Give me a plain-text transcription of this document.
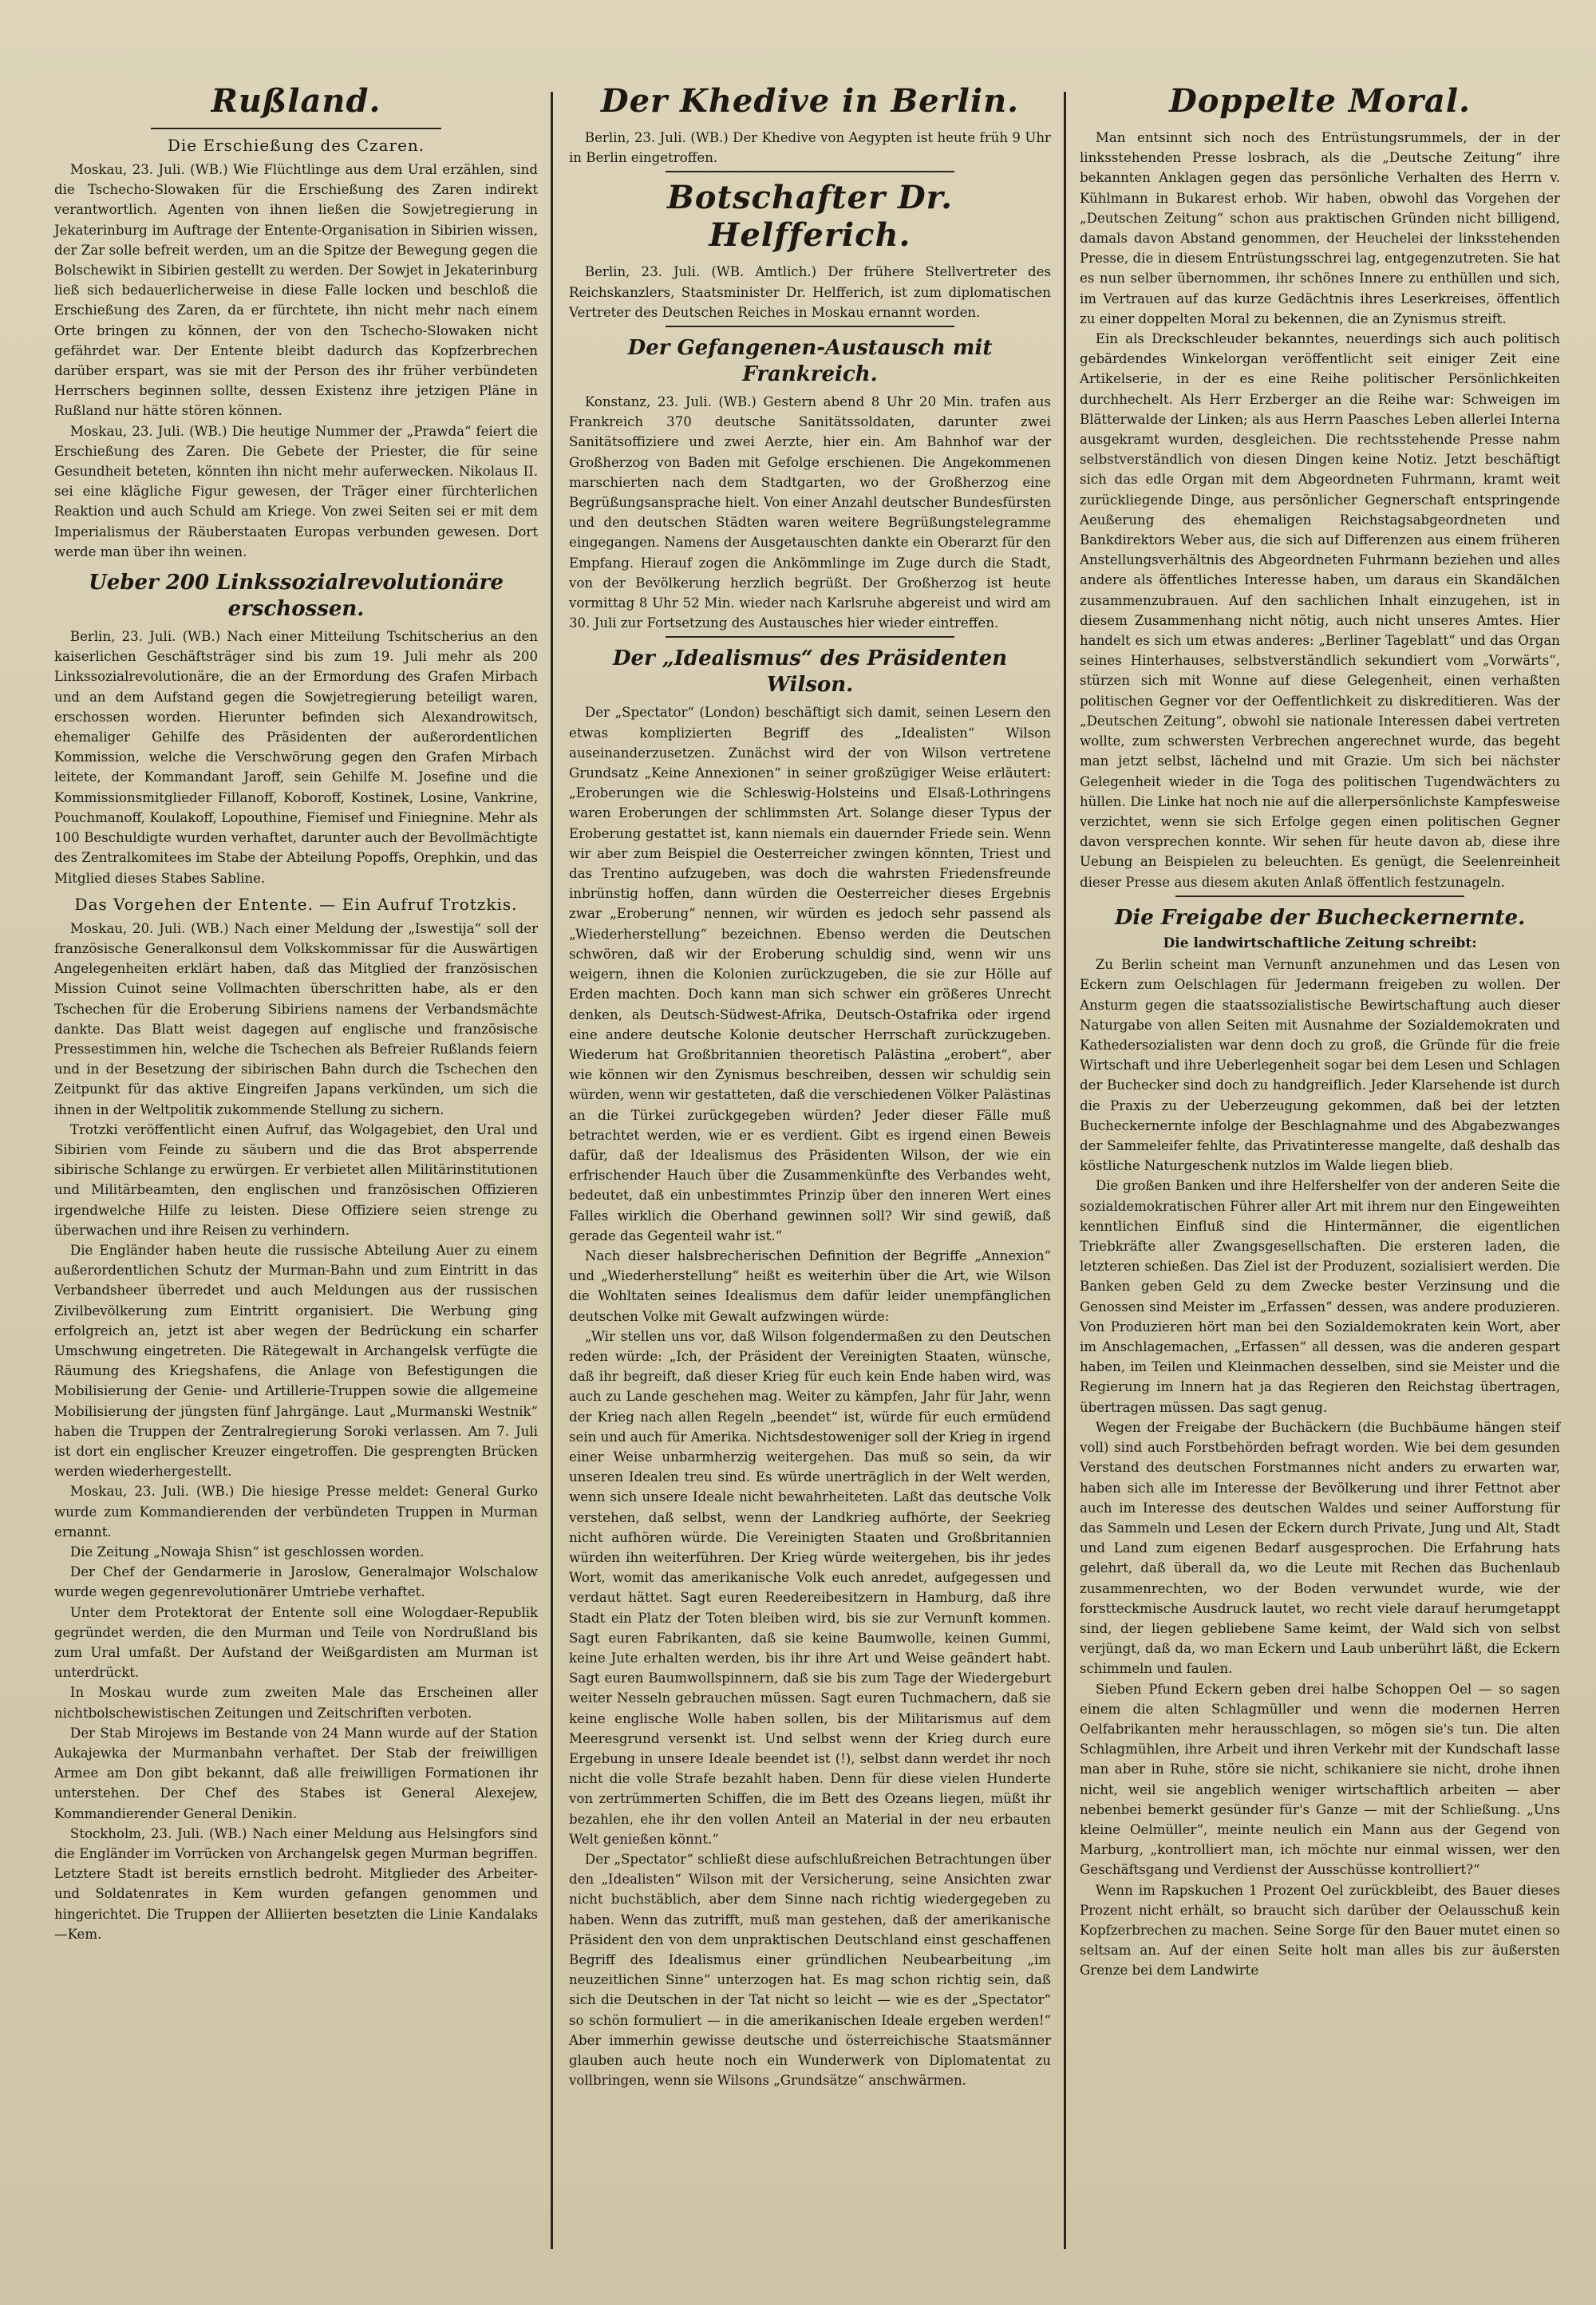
Rußland.
Die Erschießung des Czaren.

Moskau, 23. Juli. (WB.) Wie Flüchtlinge aus dem Ural erzählen, sind die Tschecho-Slowaken für die Erschießung des Zaren indirekt verantwortlich. Agenten von ihnen ließen die Sowjetregierung in Jekaterinburg im Auftrage der Entente-Organisation in Sibirien wissen, der Zar solle befreit werden, um an die Spitze der Bewegung gegen die Bolschewikt in Sibirien gestellt zu werden. Der Sowjet in Jekaterinburg ließ sich bedauerlicherweise in diese Falle locken und beschloß die Erschießung des Zaren, da er fürchtete, ihn nicht mehr nach einem Orte bringen zu können, der von den Tschecho-Slowaken nicht gefährdet war. Der Entente bleibt dadurch das Kopfzerbrechen darüber erspart, was sie mit der Person des ihr früher verbündeten Herrschers beginnen sollte, dessen Existenz ihre jetzigen Pläne in Rußland nur hätte stören können.

Moskau, 23. Juli. (WB.) Die heutige Nummer der „Prawda“ feiert die Erschießung des Zaren. Die Gebete der Priester, die für seine Gesundheit beteten, könnten ihn nicht mehr auferwecken. Nikolaus II. sei eine klägliche Figur gewesen, der Träger einer fürchterlichen Reaktion und auch Schuld am Kriege. Von zwei Seiten sei er mit dem Imperialismus der Räuberstaaten Europas verbunden gewesen. Dort werde man über ihn weinen.

Ueber 200 Linkssozialrevolutionäre erschossen.

Berlin, 23. Juli. (WB.) Nach einer Mitteilung Tschitscherius an den kaiserlichen Geschäftsträger sind bis zum 19. Juli mehr als 200 Linkssozialrevolutionäre, die an der Ermordung des Grafen Mirbach und an dem Aufstand gegen die Sowjetregierung beteiligt waren, erschossen worden. Hierunter befinden sich Alexandrowitsch, ehemaliger Gehilfe des Präsidenten der außerordentlichen Kommission, welche die Verschwörung gegen den Grafen Mirbach leitete, der Kommandant Jaroff, sein Gehilfe M. Josefine und die Kommissionsmitglieder Fillanoff, Koboroff, Kostinek, Losine, Vankrine, Pouchmanoff, Koulakoff, Lopouthine, Fiemisef und Finiegnine. Mehr als 100 Beschuldigte wurden verhaftet, darunter auch der Bevollmächtigte des Zentralkomitees im Stabe der Abteilung Popoffs, Orephkin, und das Mitglied dieses Stabes Sabline.

Das Vorgehen der Entente. — Ein Aufruf Trotzkis.

Moskau, 20. Juli. (WB.) Nach einer Meldung der „Iswestija“ soll der französische Generalkonsul dem Volkskommissar für die Auswärtigen Angelegenheiten erklärt haben, daß das Mitglied der französischen Mission Cuinot seine Vollmachten überschritten habe, als er den Tschechen für die Eroberung Sibiriens namens der Verbandsmächte dankte. Das Blatt weist dagegen auf englische und französische Pressestimmen hin, welche die Tschechen als Befreier Rußlands feiern und in der Besetzung der sibirischen Bahn durch die Tschechen den Zeitpunkt für das aktive Eingreifen Japans verkünden, um sich die ihnen in der Weltpolitik zukommende Stellung zu sichern.

Trotzki veröffentlicht einen Aufruf, das Wolgagebiet, den Ural und Sibirien vom Feinde zu säubern und die das Brot absperrende sibirische Schlange zu erwürgen. Er verbietet allen Militärinstitutionen und Militärbeamten, den englischen und französischen Offizieren irgendwelche Hilfe zu leisten. Diese Offiziere seien strenge zu überwachen und ihre Reisen zu verhindern.

Die Engländer haben heute die russische Abteilung Auer zu einem außerordentlichen Schutz der Murman-Bahn und zum Eintritt in das Verbandsheer überredet und auch Meldungen aus der russischen Zivilbevölkerung zum Eintritt organisiert. Die Werbung ging erfolgreich an, jetzt ist aber wegen der Bedrückung ein scharfer Umschwung eingetreten. Die Rätegewalt in Archangelsk verfügte die Räumung des Kriegshafens, die Anlage von Befestigungen die Mobilisierung der Genie- und Artillerie-Truppen sowie die allgemeine Mobilisierung der jüngsten fünf Jahrgänge. Laut „Murmanski Westnik“ haben die Truppen der Zentralregierung Soroki verlassen. Am 7. Juli ist dort ein englischer Kreuzer eingetroffen. Die gesprengten Brücken werden wiederhergestellt.

Moskau, 23. Juli. (WB.) Die hiesige Presse meldet: General Gurko wurde zum Kommandierenden der verbündeten Truppen in Murman ernannt.

Die Zeitung „Nowaja Shisn“ ist geschlossen worden.

Der Chef der Gendarmerie in Jaroslow, Generalmajor Wolschalow wurde wegen gegenrevolutionärer Umtriebe verhaftet.

Unter dem Protektorat der Entente soll eine Wologdaer-Republik gegründet werden, die den Murman und Teile von Nordrußland bis zum Ural umfaßt. Der Aufstand der Weißgardisten am Murman ist unterdrückt.

In Moskau wurde zum zweiten Male das Erscheinen aller nichtbolschewistischen Zeitungen und Zeitschriften verboten.

Der Stab Mirojews im Bestande von 24 Mann wurde auf der Station Aukajewka der Murmanbahn verhaftet. Der Stab der freiwilligen Armee am Don gibt bekannt, daß alle freiwilligen Formationen ihr unterstehen. Der Chef des Stabes ist General Alexejew, Kommandierender General Denikin.

Stockholm, 23. Juli. (WB.) Nach einer Meldung aus Helsingfors sind die Engländer im Vorrücken von Archangelsk gegen Murman begriffen. Letztere Stadt ist bereits ernstlich bedroht. Mitglieder des Arbeiter- und Soldatenrates in Kem wurden gefangen genommen und hingerichtet. Die Truppen der Alliierten besetzten die Linie Kandalaks—Kem.

Der Khedive in Berlin.

Berlin, 23. Juli. (WB.) Der Khedive von Aegypten ist heute früh 9 Uhr in Berlin eingetroffen.

Botschafter Dr. Helfferich.

Berlin, 23. Juli. (WB. Amtlich.) Der frühere Stellvertreter des Reichskanzlers, Staatsminister Dr. Helfferich, ist zum diplomatischen Vertreter des Deutschen Reiches in Moskau ernannt worden.

Der Gefangenen-Austausch mit Frankreich.

Konstanz, 23. Juli. (WB.) Gestern abend 8 Uhr 20 Min. trafen aus Frankreich 370 deutsche Sanitätssoldaten, darunter zwei Sanitätsoffiziere und zwei Aerzte, hier ein. Am Bahnhof war der Großherzog von Baden mit Gefolge erschienen. Die Angekommenen marschierten nach dem Stadtgarten, wo der Großherzog eine Begrüßungsansprache hielt. Von einer Anzahl deutscher Bundesfürsten und den deutschen Städten waren weitere Begrüßungstelegramme eingegangen. Namens der Ausgetauschten dankte ein Oberarzt für den Empfang. Hierauf zogen die Ankömmlinge im Zuge durch die Stadt, von der Bevölkerung herzlich begrüßt. Der Großherzog ist heute vormittag 8 Uhr 52 Min. wieder nach Karlsruhe abgereist und wird am 30. Juli zur Fortsetzung des Austausches hier wieder eintreffen.

Der „Idealismus“ des Präsidenten Wilson.

Der „Spectator“ (London) beschäftigt sich damit, seinen Lesern den etwas komplizierten Begriff des „Idealisten“ Wilson auseinanderzusetzen. Zunächst wird der von Wilson vertretene Grundsatz „Keine Annexionen“ in seiner großzügiger Weise erläutert: „Eroberungen wie die Schleswig-Holsteins und Elsaß-Lothringens waren Eroberungen der schlimmsten Art. Solange dieser Typus der Eroberung gestattet ist, kann niemals ein dauernder Friede sein. Wenn wir aber zum Beispiel die Oesterreicher zwingen könnten, Triest und das Trentino aufzugeben, was doch die wahrsten Friedensfreunde inbrünstig hoffen, dann würden die Oesterreicher dieses Ergebnis zwar „Eroberung“ nennen, wir würden es jedoch sehr passend als „Wiederherstellung“ bezeichnen. Ebenso werden die Deutschen schwören, daß wir der Eroberung schuldig sind, wenn wir uns weigern, ihnen die Kolonien zurückzugeben, die sie zur Hölle auf Erden machten. Doch kann man sich schwer ein größeres Unrecht denken, als Deutsch-Südwest-Afrika, Deutsch-Ostafrika oder irgend eine andere deutsche Kolonie deutscher Herrschaft zurückzugeben. Wiederum hat Großbritannien theoretisch Palästina „erobert“, aber wie können wir den Zynismus beschreiben, dessen wir schuldig sein würden, wenn wir gestatteten, daß die verschiedenen Völker Palästinas an die Türkei zurückgegeben würden? Jeder dieser Fälle muß betrachtet werden, wie er es verdient. Gibt es irgend einen Beweis dafür, daß der Idealismus des Präsidenten Wilson, der wie ein erfrischender Hauch über die Zusammenkünfte des Verbandes weht, bedeutet, daß ein unbestimmtes Prinzip über den inneren Wert eines Falles wirklich die Oberhand gewinnen soll? Wir sind gewiß, daß gerade das Gegenteil wahr ist.“

Nach dieser halsbrecherischen Definition der Begriffe „Annexion“ und „Wiederherstellung“ heißt es weiterhin über die Art, wie Wilson die Wohltaten seines Idealismus dem dafür leider unempfänglichen deutschen Volke mit Gewalt aufzwingen würde:

„Wir stellen uns vor, daß Wilson folgendermaßen zu den Deutschen reden würde: „Ich, der Präsident der Vereinigten Staaten, wünsche, daß ihr begreift, daß dieser Krieg für euch kein Ende haben wird, was auch zu Lande geschehen mag. Weiter zu kämpfen, Jahr für Jahr, wenn der Krieg nach allen Regeln „beendet“ ist, würde für euch ermüdend sein und auch für Amerika. Nichtsdestoweniger soll der Krieg in irgend einer Weise unbarmherzig weitergehen. Das muß so sein, da wir unseren Idealen treu sind. Es würde unerträglich in der Welt werden, wenn sich unsere Ideale nicht bewahrheiteten. Laßt das deutsche Volk verstehen, daß selbst, wenn der Landkrieg aufhörte, der Seekrieg nicht aufhören würde. Die Vereinigten Staaten und Großbritannien würden ihn weiterführen. Der Krieg würde weitergehen, bis ihr jedes Wort, womit das amerikanische Volk euch anredet, aufgegessen und verdaut hättet. Sagt euren Reedereibesitzern in Hamburg, daß ihre Stadt ein Platz der Toten bleiben wird, bis sie zur Vernunft kommen. Sagt euren Fabrikanten, daß sie keine Baumwolle, keinen Gummi, keine Jute erhalten werden, bis ihr ihre Art und Weise geändert habt. Sagt euren Baumwollspinnern, daß sie bis zum Tage der Wiedergeburt weiter Nesseln gebrauchen müssen. Sagt euren Tuchmachern, daß sie keine englische Wolle haben sollen, bis der Militarismus auf dem Meeresgrund versenkt ist. Und selbst wenn der Krieg durch eure Ergebung in unsere Ideale beendet ist (!), selbst dann werdet ihr noch nicht die volle Strafe bezahlt haben. Denn für diese vielen Hunderte von zertrümmerten Schiffen, die im Bett des Ozeans liegen, müßt ihr bezahlen, ehe ihr den vollen Anteil an Material in der neu erbauten Welt genießen könnt.“

Der „Spectator“ schließt diese aufschlußreichen Betrachtungen über den „Idealisten“ Wilson mit der Versicherung, seine Ansichten zwar nicht buchstäblich, aber dem Sinne nach richtig wiedergegeben zu haben. Wenn das zutrifft, muß man gestehen, daß der amerikanische Präsident den von dem unpraktischen Deutschland einst geschaffenen Begriff des Idealismus einer gründlichen Neubearbeitung „im neuzeitlichen Sinne“ unterzogen hat. Es mag schon richtig sein, daß sich die Deutschen in der Tat nicht so leicht — wie es der „Spectator“ so schön formuliert — in die amerikanischen Ideale ergeben werden!“ Aber immerhin gewisse deutsche und österreichische Staatsmänner glauben auch heute noch ein Wunderwerk von Diplomatentat zu vollbringen, wenn sie Wilsons „Grundsätze“ anschwärmen.

Doppelte Moral.

Man entsinnt sich noch des Entrüstungsrummels, der in der linksstehenden Presse losbrach, als die „Deutsche Zeitung“ ihre bekannten Anklagen gegen das persönliche Verhalten des Herrn v. Kühlmann in Bukarest erhob. Wir haben, obwohl das Vorgehen der „Deutschen Zeitung“ schon aus praktischen Gründen nicht billigend, damals davon Abstand genommen, der Heuchelei der linksstehenden Presse, die in diesem Entrüstungsschrei lag, entgegenzutreten. Sie hat es nun selber übernommen, ihr schönes Innere zu enthüllen und sich, im Vertrauen auf das kurze Gedächtnis ihres Leserkreises, öffentlich zu einer doppelten Moral zu bekennen, die an Zynismus streift.

Ein als Dreckschleuder bekanntes, neuerdings sich auch politisch gebärdendes Winkelorgan veröffentlicht seit einiger Zeit eine Artikelserie, in der es eine Reihe politischer Persönlichkeiten durchhechelt. Als Herr Erzberger an die Reihe war: Schweigen im Blätterwalde der Linken; als aus Herrn Paasches Leben allerlei Interna ausgekramt wurden, desgleichen. Die rechtsstehende Presse nahm selbstverständlich von diesen Dingen keine Notiz. Jetzt beschäftigt sich das edle Organ mit dem Abgeordneten Fuhrmann, kramt weit zurückliegende Dinge, aus persönlicher Gegnerschaft entspringende Aeußerung des ehemaligen Reichstagsabgeordneten und Bankdirektors Weber aus, die sich auf Differenzen aus einem früheren Anstellungsverhältnis des Abgeordneten Fuhrmann beziehen und alles andere als öffentliches Interesse haben, um daraus ein Skandälchen zusammenzubrauen. Auf den sachlichen Inhalt einzugehen, ist in diesem Zusammenhang nicht nötig, auch nicht unseres Amtes. Hier handelt es sich um etwas anderes: „Berliner Tageblatt“ und das Organ seines Hinterhauses, selbstverständlich sekundiert vom „Vorwärts“, stürzen sich mit Wonne auf diese Gelegenheit, einen verhaßten politischen Gegner vor der Oeffentlichkeit zu diskreditieren. Was der „Deutschen Zeitung“, obwohl sie nationale Interessen dabei vertreten wollte, zum schwersten Verbrechen angerechnet wurde, das begeht man jetzt selbst, lächelnd und mit Grazie. Um sich bei nächster Gelegenheit wieder in die Toga des politischen Tugendwächters zu hüllen. Die Linke hat noch nie auf die allerpersönlichste Kampfesweise verzichtet, wenn sie sich Erfolge gegen einen politischen Gegner davon versprechen konnte. Wir sehen für heute davon ab, diese ihre Uebung an Beispielen zu beleuchten. Es genügt, die Seelenreinheit dieser Presse aus diesem akuten Anlaß öffentlich festzunageln.

Die Freigabe der Bucheckernernte.
Die landwirtschaftliche Zeitung schreibt:

Zu Berlin scheint man Vernunft anzunehmen und das Lesen von Eckern zum Oelschlagen für Jedermann freigeben zu wollen. Der Ansturm gegen die staatssozialistische Bewirtschaftung auch dieser Naturgabe von allen Seiten mit Ausnahme der Sozialdemokraten und Kathedersozialisten war denn doch zu groß, die Gründe für die freie Wirtschaft und ihre Ueberlegenheit sogar bei dem Lesen und Schlagen der Buchecker sind doch zu handgreiflich. Jeder Klarsehende ist durch die Praxis zu der Ueberzeugung gekommen, daß bei der letzten Bucheckernernte infolge der Beschlagnahme und des Abgabezwanges der Sammeleifer fehlte, das Privatinteresse mangelte, daß deshalb das köstliche Naturgeschenk nutzlos im Walde liegen blieb.

Die großen Banken und ihre Helfershelfer von der anderen Seite die sozialdemokratischen Führer aller Art mit ihrem nur den Eingeweihten kenntlichen Einfluß sind die Hintermänner, die eigentlichen Triebkräfte aller Zwangsgesellschaften. Die ersteren laden, die letzteren schießen. Das Ziel ist der Produzent, sozialisiert werden. Die Banken geben Geld zu dem Zwecke bester Verzinsung und die Genossen sind Meister im „Erfassen“ dessen, was andere produzieren. Von Produzieren hört man bei den Sozialdemokraten kein Wort, aber im Anschlagemachen, „Erfassen“ all dessen, was die anderen gespart haben, im Teilen und Kleinmachen desselben, sind sie Meister und die Regierung im Innern hat ja das Regieren den Reichstag übertragen, übertragen müssen. Das sagt genug.

Wegen der Freigabe der Buchäckern (die Buchbäume hängen steif voll) sind auch Forstbehörden befragt worden. Wie bei dem gesunden Verstand des deutschen Forstmannes nicht anders zu erwarten war, haben sich alle im Interesse der Bevölkerung und ihrer Fettnot aber auch im Interesse des deutschen Waldes und seiner Aufforstung für das Sammeln und Lesen der Eckern durch Private, Jung und Alt, Stadt und Land zum eigenen Bedarf ausgesprochen. Die Erfahrung hats gelehrt, daß überall da, wo die Leute mit Rechen das Buchenlaub zusammenrechten, wo der Boden verwundet wurde, wie der forstteckmische Ausdruck lautet, wo recht viele darauf herumgetappt sind, der liegen gebliebene Same keimt, der Wald sich von selbst verjüngt, daß da, wo man Eckern und Laub unberührt läßt, die Eckern schimmeln und faulen.

Sieben Pfund Eckern geben drei halbe Schoppen Oel — so sagen einem die alten Schlagmüller und wenn die modernen Herren Oelfabrikanten mehr herausschlagen, so mögen sie's tun. Die alten Schlagmühlen, ihre Arbeit und ihren Verkehr mit der Kundschaft lasse man aber in Ruhe, störe sie nicht, schikaniere sie nicht, drohe ihnen nicht, weil sie angeblich weniger wirtschaftlich arbeiten — aber nebenbei bemerkt gesünder für's Ganze — mit der Schließung. „Uns kleine Oelmüller“, meinte neulich ein Mann aus der Gegend von Marburg, „kontrolliert man, ich möchte nur einmal wissen, wer den Geschäftsgang und Verdienst der Ausschüsse kontrolliert?“

Wenn im Rapskuchen 1 Prozent Oel zurückbleibt, des Bauer dieses Prozent nicht erhält, so braucht sich darüber der Oelausschuß kein Kopfzerbrechen zu machen. Seine Sorge für den Bauer mutet einen so seltsam an. Auf der einen Seite holt man alles bis zur äußersten Grenze bei dem Landwirte
